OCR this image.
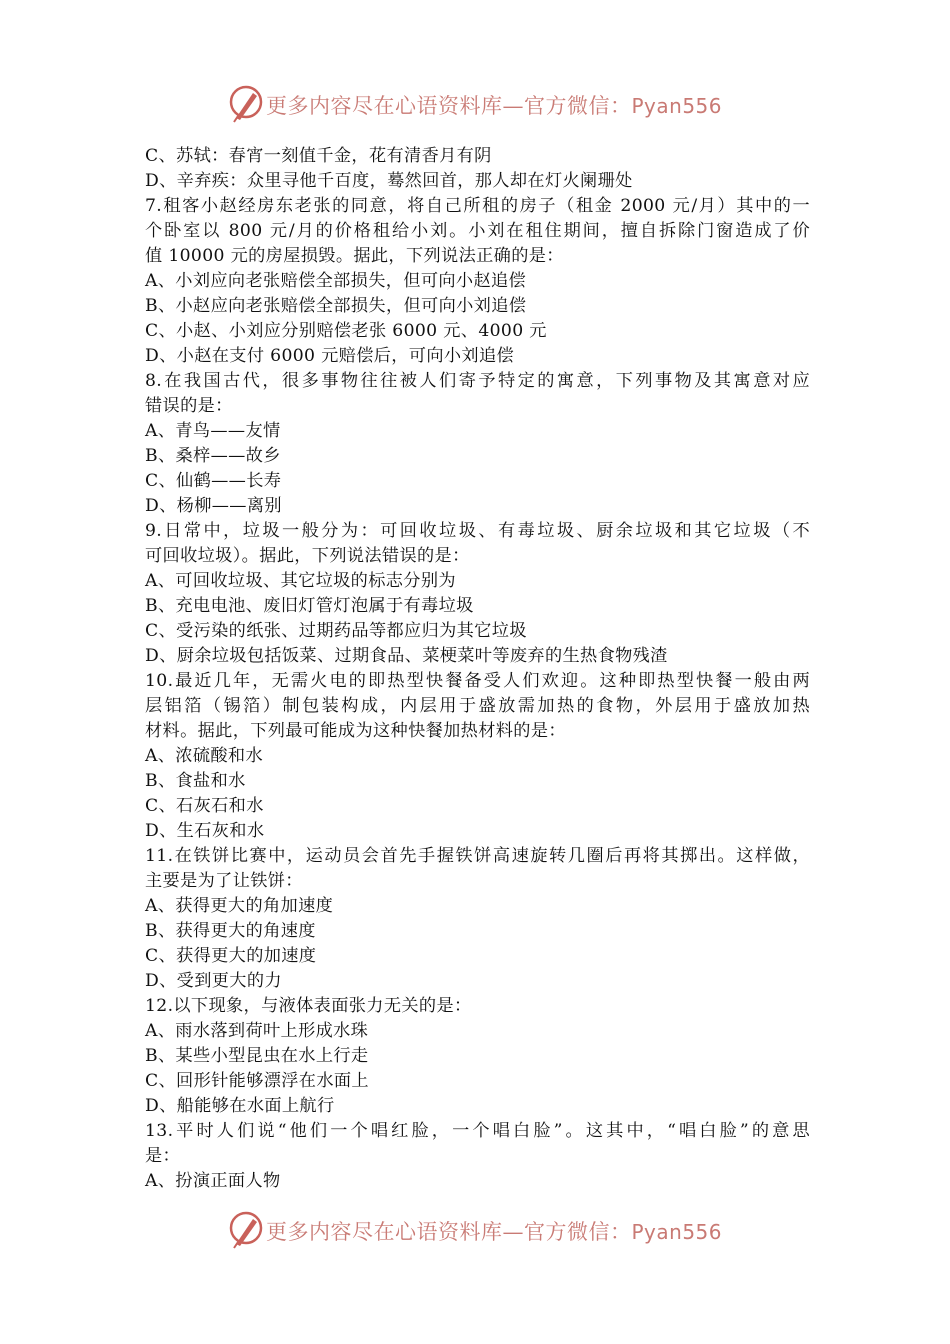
更多内容尽在心语资料库—官方微信：Pyan556
C、苏轼：春宵一刻值千金，花有清香月有阴
D、辛弃疾：众里寻他千百度，蓦然回首，那人却在灯火阑珊处
7.租客小赵经房东老张的同意，将自己所租的房子（租金 2000 元/月）其中的一
个卧室以 800 元/月的价格租给小刘。小刘在租住期间，擅自拆除门窗造成了价
值 10000 元的房屋损毁。据此，下列说法正确的是：
A、小刘应向老张赔偿全部损失，但可向小赵追偿
B、小赵应向老张赔偿全部损失，但可向小刘追偿
C、小赵、小刘应分别赔偿老张 6000 元、4000 元
D、小赵在支付 6000 元赔偿后，可向小刘追偿
8.在我国古代，很多事物往往被人们寄予特定的寓意，下列事物及其寓意对应
错误的是：
A、青鸟——友情
B、桑梓——故乡
C、仙鹤——长寿
D、杨柳——离别
9.日常中，垃圾一般分为：可回收垃圾、有毒垃圾、厨余垃圾和其它垃圾（不
可回收垃圾）。据此，下列说法错误的是：
A、可回收垃圾、其它垃圾的标志分别为
B、充电电池、废旧灯管灯泡属于有毒垃圾
C、受污染的纸张、过期药品等都应归为其它垃圾
D、厨余垃圾包括饭菜、过期食品、菜梗菜叶等废弃的生热食物残渣
10.最近几年，无需火电的即热型快餐备受人们欢迎。这种即热型快餐一般由两
层铝箔（锡箔）制包装构成，内层用于盛放需加热的食物，外层用于盛放加热
材料。据此，下列最可能成为这种快餐加热材料的是：
A、浓硫酸和水
B、食盐和水
C、石灰石和水
D、生石灰和水
11.在铁饼比赛中，运动员会首先手握铁饼高速旋转几圈后再将其掷出。这样做，
主要是为了让铁饼：
A、获得更大的角加速度
B、获得更大的角速度
C、获得更大的加速度
D、受到更大的力
12.以下现象，与液体表面张力无关的是：
A、雨水落到荷叶上形成水珠
B、某些小型昆虫在水上行走
C、回形针能够漂浮在水面上
D、船能够在水面上航行
13.平时人们说“他们一个唱红脸，一个唱白脸”。这其中，“唱白脸”的意思
是：
A、扮演正面人物
更多内容尽在心语资料库—官方微信：Pyan556
